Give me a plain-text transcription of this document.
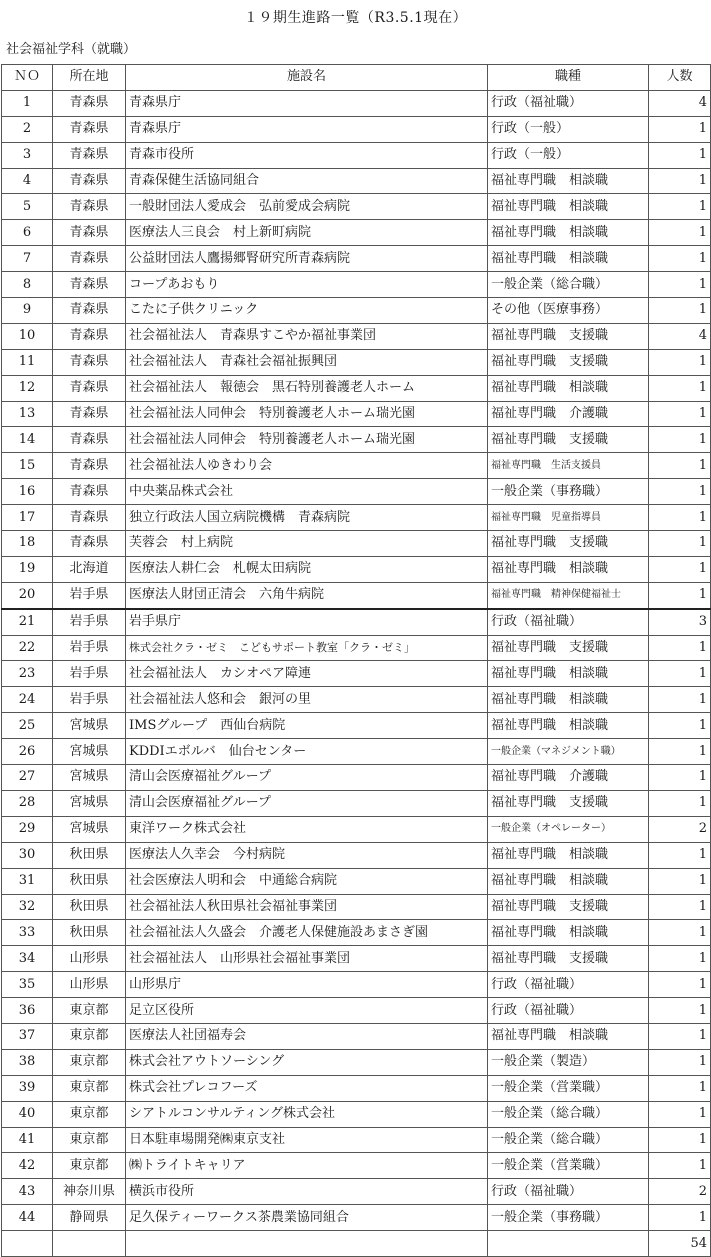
１９期生進路一覧（R3.5.1現在）
社会福祉学科（就職）
ＮＯ	所在地	施設名	職種	人数
1	青森県	青森県庁	行政（福祉職）	4
2	青森県	青森県庁	行政（一般）	1
3	青森県	青森市役所	行政（一般）	1
4	青森県	青森保健生活協同組合	福祉専門職　相談職	1
5	青森県	一般財団法人愛成会　弘前愛成会病院	福祉専門職　相談職	1
6	青森県	医療法人三良会　村上新町病院	福祉専門職　相談職	1
7	青森県	公益財団法人鷹揚郷腎研究所青森病院	福祉専門職　相談職	1
8	青森県	コープあおもり	一般企業（総合職）	1
9	青森県	こたに子供クリニック	その他（医療事務）	1
10	青森県	社会福祉法人　青森県すこやか福祉事業団	福祉専門職　支援職	4
11	青森県	社会福祉法人　青森社会福祉振興団	福祉専門職　支援職	1
12	青森県	社会福祉法人　報徳会　黒石特別養護老人ホーム	福祉専門職　相談職	1
13	青森県	社会福祉法人同伸会　特別養護老人ホーム瑞光園	福祉専門職　介護職	1
14	青森県	社会福祉法人同伸会　特別養護老人ホーム瑞光園	福祉専門職　支援職	1
15	青森県	社会福祉法人ゆきわり会	福祉専門職　生活支援員	1
16	青森県	中央薬品株式会社	一般企業（事務職）	1
17	青森県	独立行政法人国立病院機構　青森病院	福祉専門職　児童指導員	1
18	青森県	芙蓉会　村上病院	福祉専門職　支援職	1
19	北海道	医療法人耕仁会　札幌太田病院	福祉専門職　相談職	1
20	岩手県	医療法人財団正清会　六角牛病院	福祉専門職　精神保健福祉士	1
21	岩手県	岩手県庁	行政（福祉職）	3
22	岩手県	株式会社クラ・ゼミ　こどもサポート教室「クラ・ゼミ」	福祉専門職　支援職	1
23	岩手県	社会福祉法人　カシオペア障連	福祉専門職　相談職	1
24	岩手県	社会福祉法人悠和会　銀河の里	福祉専門職　相談職	1
25	宮城県	IMSグループ　西仙台病院	福祉専門職　相談職	1
26	宮城県	KDDIエボルバ　仙台センター	一般企業（マネジメント職）	1
27	宮城県	清山会医療福祉グループ	福祉専門職　介護職	1
28	宮城県	清山会医療福祉グループ	福祉専門職　支援職	1
29	宮城県	東洋ワーク株式会社	一般企業（オペレーター）	2
30	秋田県	医療法人久幸会　今村病院	福祉専門職　相談職	1
31	秋田県	社会医療法人明和会　中通総合病院	福祉専門職　相談職	1
32	秋田県	社会福祉法人秋田県社会福祉事業団	福祉専門職　支援職	1
33	秋田県	社会福祉法人久盛会　介護老人保健施設あまさぎ園	福祉専門職　相談職	1
34	山形県	社会福祉法人　山形県社会福祉事業団	福祉専門職　支援職	1
35	山形県	山形県庁	行政（福祉職）	1
36	東京都	足立区役所	行政（福祉職）	1
37	東京都	医療法人社団福寿会	福祉専門職　相談職	1
38	東京都	株式会社アウトソーシング	一般企業（製造）	1
39	東京都	株式会社プレコフーズ	一般企業（営業職）	1
40	東京都	シアトルコンサルティング株式会社	一般企業（総合職）	1
41	東京都	日本駐車場開発㈱東京支社	一般企業（総合職）	1
42	東京都	㈱トライトキャリア	一般企業（営業職）	1
43	神奈川県	横浜市役所	行政（福祉職）	2
44	静岡県	足久保ティーワークス茶農業協同組合	一般企業（事務職）	1
				54
